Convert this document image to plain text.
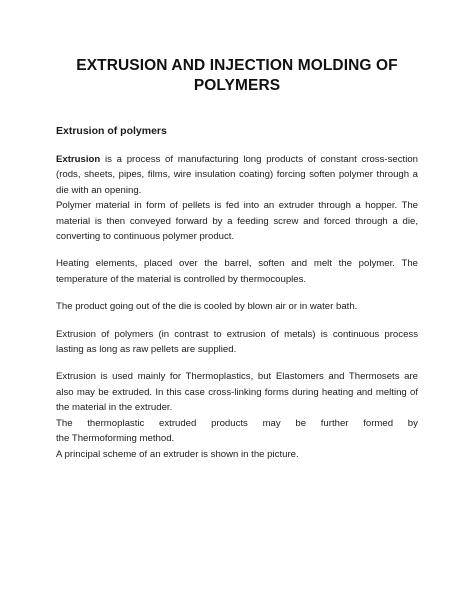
EXTRUSION AND INJECTION MOLDING OF POLYMERS
Extrusion of polymers

Extrusion is a process of manufacturing long products of constant cross-section (rods, sheets, pipes, films, wire insulation coating) forcing soften polymer through a die with an opening.

Polymer material in form of pellets is fed into an extruder through a hopper. The material is then conveyed forward by a feeding screw and forced through a die, converting to continuous polymer product.

Heating elements, placed over the barrel, soften and melt the polymer. The temperature of the material is controlled by thermocouples.

The product going out of the die is cooled by blown air or in water bath.

Extrusion of polymers (in contrast to extrusion of metals) is continuous process lasting as long as raw pellets are supplied.

Extrusion is used mainly for Thermoplastics, but Elastomers and Thermosets are also may be extruded. In this case cross-linking forms during heating and melting of the material in the extruder.

The thermoplastic extruded products may be further formed by
the Thermoforming method.

A principal scheme of an extruder is shown in the picture.
